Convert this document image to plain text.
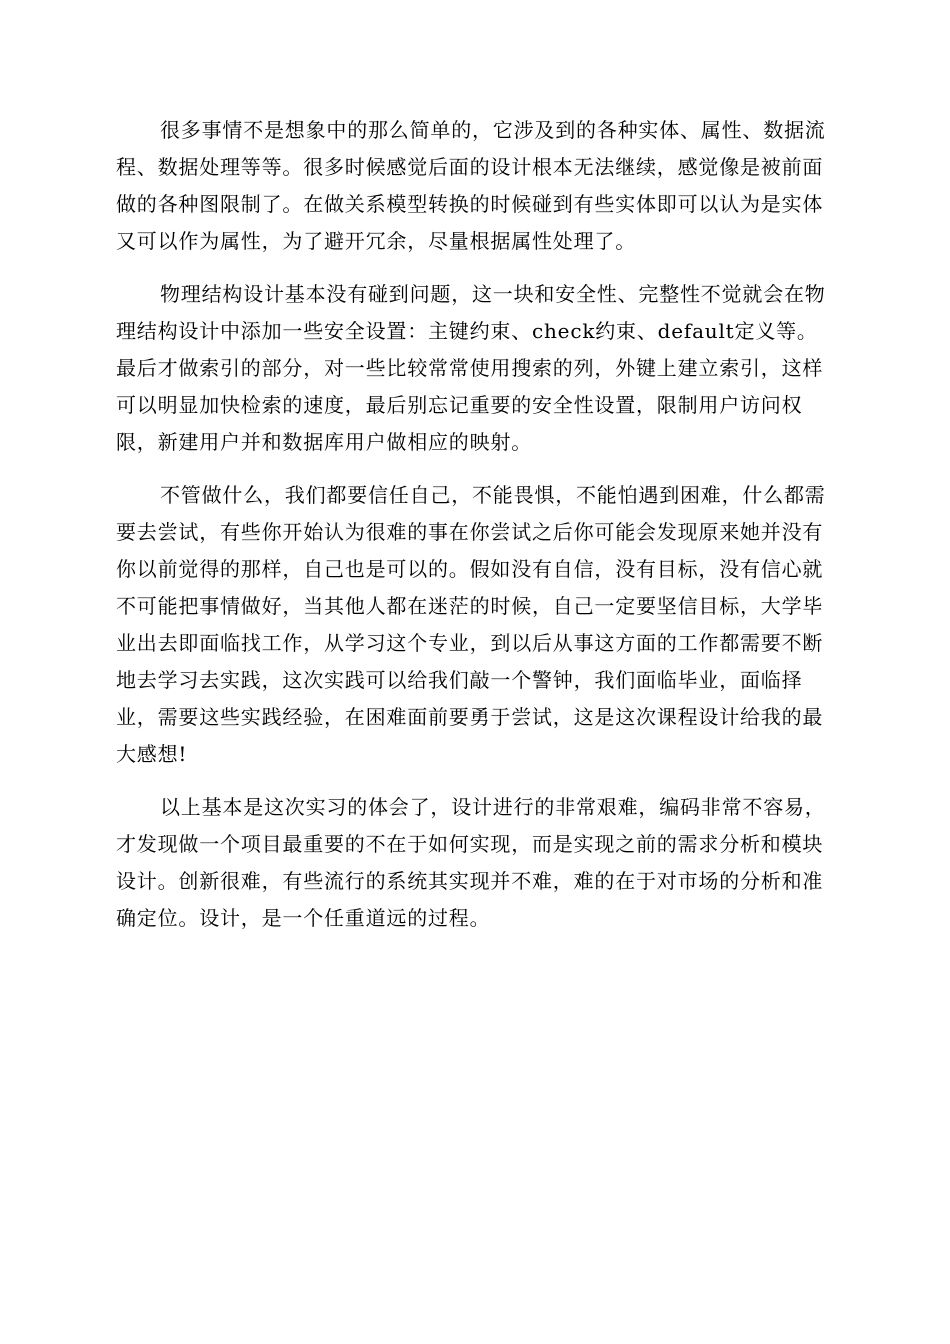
很多事情不是想象中的那么简单的，它涉及到的各种实体、属性、数据流程、数据处理等等。很多时候感觉后面的设计根本无法继续，感觉像是被前面做的各种图限制了。在做关系模型转换的时候碰到有些实体即可以认为是实体又可以作为属性，为了避开冗余，尽量根据属性处理了。

物理结构设计基本没有碰到问题，这一块和安全性、完整性不觉就会在物理结构设计中添加一些安全设置：主键约束、check约束、default定义等。最后才做索引的部分，对一些比较常常使用搜索的列，外键上建立索引，这样可以明显加快检索的速度，最后别忘记重要的安全性设置，限制用户访问权限，新建用户并和数据库用户做相应的映射。

不管做什么，我们都要信任自己，不能畏惧，不能怕遇到困难，什么都需要去尝试，有些你开始认为很难的事在你尝试之后你可能会发现原来她并没有你以前觉得的那样，自己也是可以的。假如没有自信，没有目标，没有信心就不可能把事情做好，当其他人都在迷茫的时候，自己一定要坚信目标，大学毕业出去即面临找工作，从学习这个专业，到以后从事这方面的工作都需要不断地去学习去实践，这次实践可以给我们敲一个警钟，我们面临毕业，面临择业，需要这些实践经验，在困难面前要勇于尝试，这是这次课程设计给我的最大感想!

以上基本是这次实习的体会了，设计进行的非常艰难，编码非常不容易，才发现做一个项目最重要的不在于如何实现，而是实现之前的需求分析和模块设计。创新很难，有些流行的系统其实现并不难，难的在于对市场的分析和准确定位。设计，是一个任重道远的过程。
